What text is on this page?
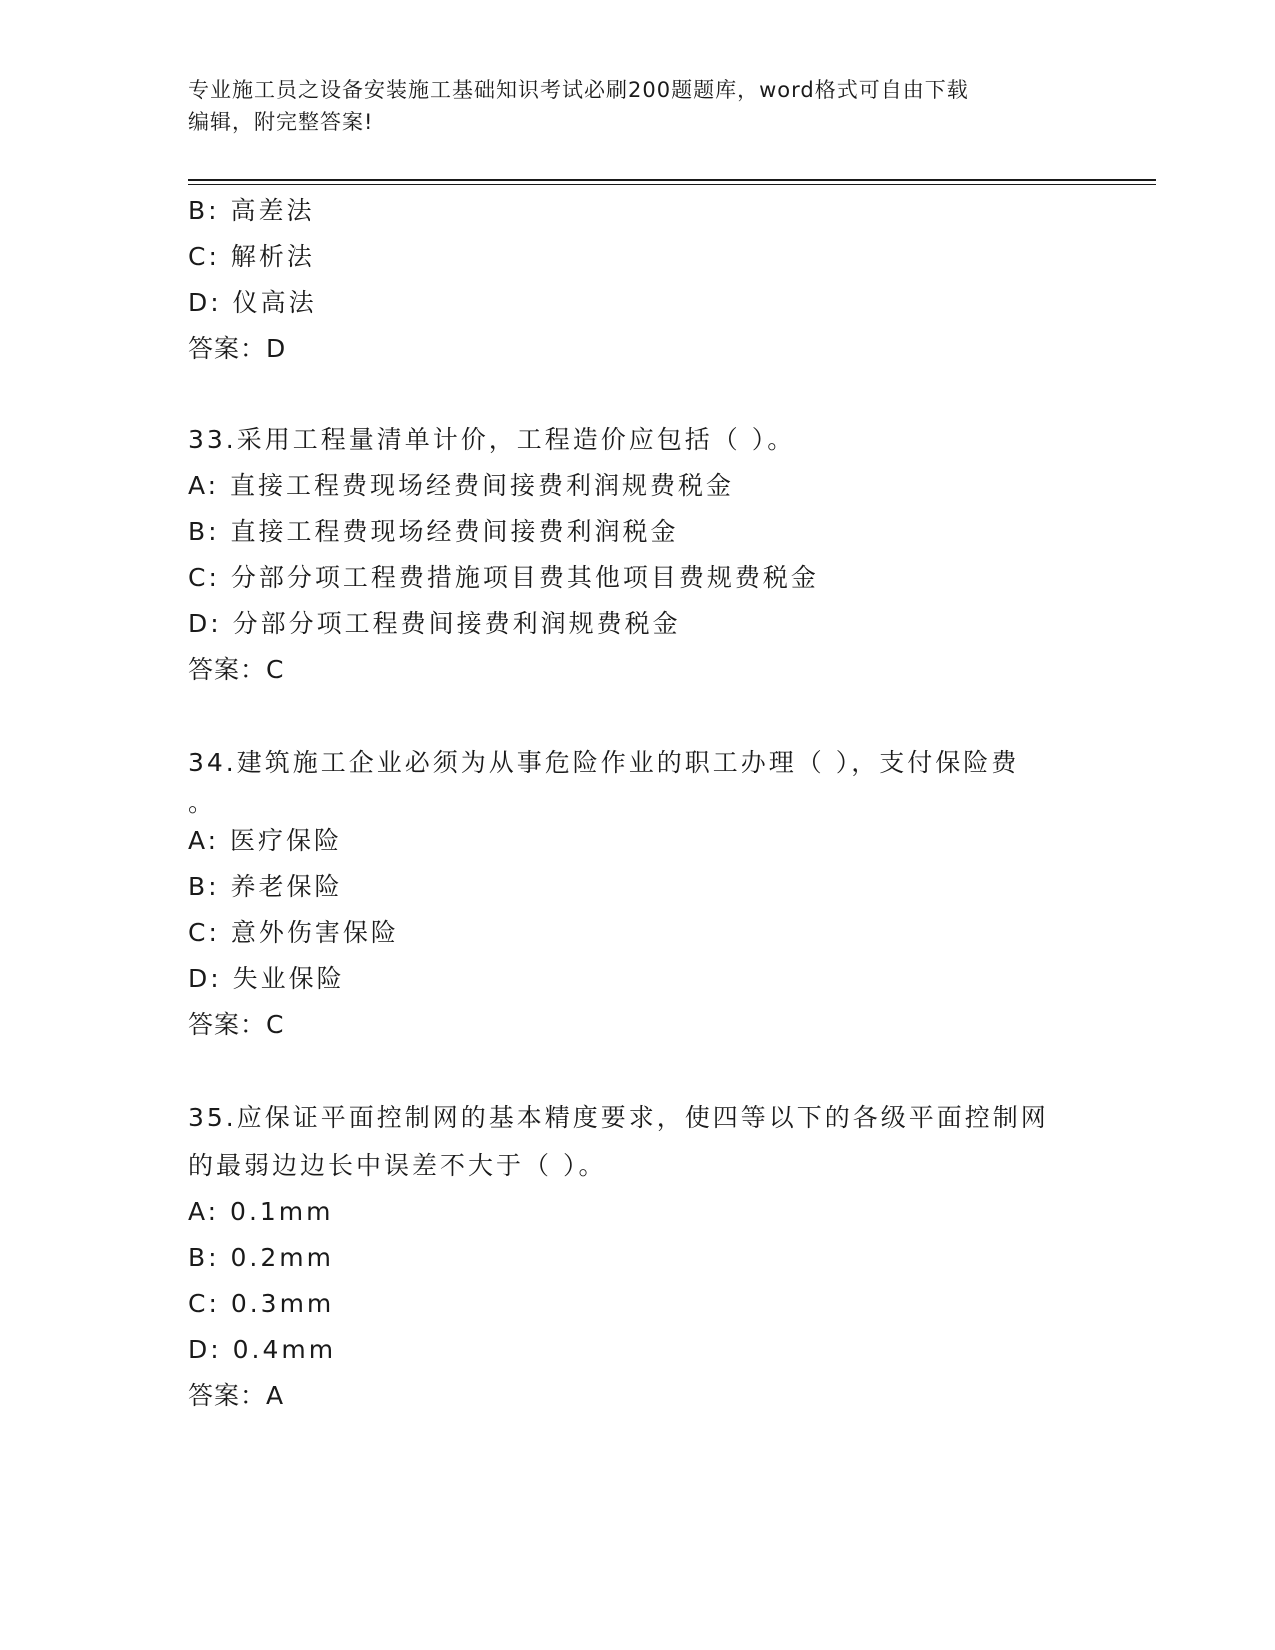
专业施工员之设备安装施工基础知识考试必刷200题题库，word格式可自由下载
编辑，附完整答案!
B: 高差法
C: 解析法
D: 仪高法
答案：D
33.采用工程量清单计价，工程造价应包括（ ）。
A: 直接工程费现场经费间接费利润规费税金
B: 直接工程费现场经费间接费利润税金
C: 分部分项工程费措施项目费其他项目费规费税金
D: 分部分项工程费间接费利润规费税金
答案：C
34.建筑施工企业必须为从事危险作业的职工办理（ ），支付保险费
。
A: 医疗保险
B: 养老保险
C: 意外伤害保险
D: 失业保险
答案：C
35.应保证平面控制网的基本精度要求，使四等以下的各级平面控制网
的最弱边边长中误差不大于（ ）。
A: 0.1mm
B: 0.2mm
C: 0.3mm
D: 0.4mm
答案：A
